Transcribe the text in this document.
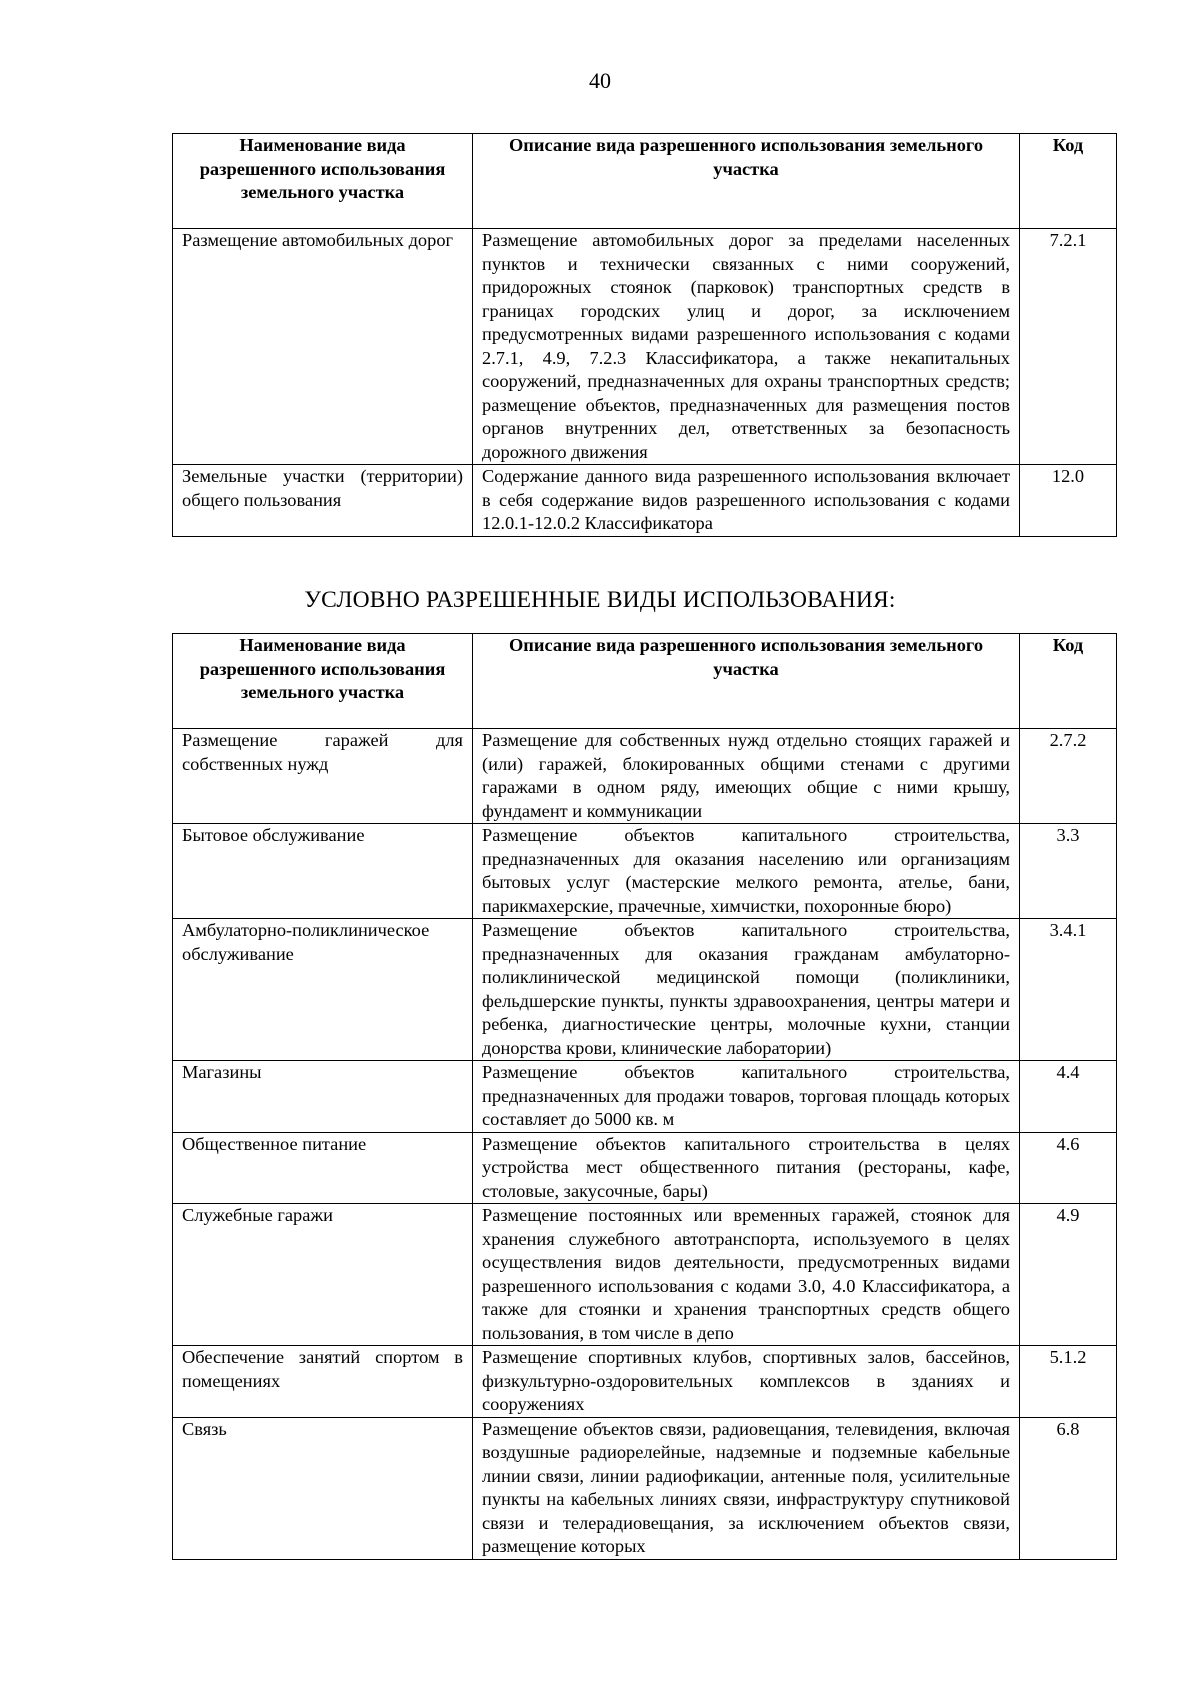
40
Наименование вида разрешенного использования земельного участка	Описание вида разрешенного использования земельного участка	Код
Размещение автомобильных дорог	Размещение автомобильных дорог за пределами населенных пунктов и технически связанных с ними сооружений, придорожных стоянок (парковок) транспортных средств в границах городских улиц и дорог, за исключением предусмотренных видами разрешенного использования с кодами 2.7.1, 4.9, 7.2.3 Классификатора, а также некапитальных сооружений, предназначенных для охраны транспортных средств; размещение объектов, предназначенных для размещения постов органов внутренних дел, ответственных за безопасность дорожного движения	7.2.1
Земельные участки (территории) общего пользования	Содержание данного вида разрешенного использования включает в себя содержание видов разрешенного использования с кодами 12.0.1-12.0.2 Классификатора	12.0
УСЛОВНО РАЗРЕШЕННЫЕ ВИДЫ ИСПОЛЬЗОВАНИЯ:
Наименование вида разрешенного использования земельного участка	Описание вида разрешенного использования земельного участка	Код
Размещение гаражей для собственных нужд	Размещение для собственных нужд отдельно стоящих гаражей и (или) гаражей, блокированных общими стенами с другими гаражами в одном ряду, имеющих общие с ними крышу, фундамент и коммуникации	2.7.2
Бытовое обслуживание	Размещение объектов капитального строительства, предназначенных для оказания населению или организациям бытовых услуг (мастерские мелкого ремонта, ателье, бани, парикмахерские, прачечные, химчистки, похоронные бюро)	3.3
Амбулаторно-поликлиническое обслуживание	Размещение объектов капитального строительства, предназначенных для оказания гражданам амбулаторно-поликлинической медицинской помощи (поликлиники, фельдшерские пункты, пункты здравоохранения, центры матери и ребенка, диагностические центры, молочные кухни, станции донорства крови, клинические лаборатории)	3.4.1
Магазины	Размещение объектов капитального строительства, предназначенных для продажи товаров, торговая площадь которых составляет до 5000 кв. м	4.4
Общественное питание	Размещение объектов капитального строительства в целях устройства мест общественного питания (рестораны, кафе, столовые, закусочные, бары)	4.6
Служебные гаражи	Размещение постоянных или временных гаражей, стоянок для хранения служебного автотранспорта, используемого в целях осуществления видов деятельности, предусмотренных видами разрешенного использования с кодами 3.0, 4.0 Классификатора, а также для стоянки и хранения транспортных средств общего пользования, в том числе в депо	4.9
Обеспечение занятий спортом в помещениях	Размещение спортивных клубов, спортивных залов, бассейнов, физкультурно-оздоровительных комплексов в зданиях и сооружениях	5.1.2
Связь	Размещение объектов связи, радиовещания, телевидения, включая воздушные радиорелейные, надземные и подземные кабельные линии связи, линии радиофикации, антенные поля, усилительные пункты на кабельных линиях связи, инфраструктуру спутниковой связи и телерадиовещания, за исключением объектов связи, размещение которых	6.8
